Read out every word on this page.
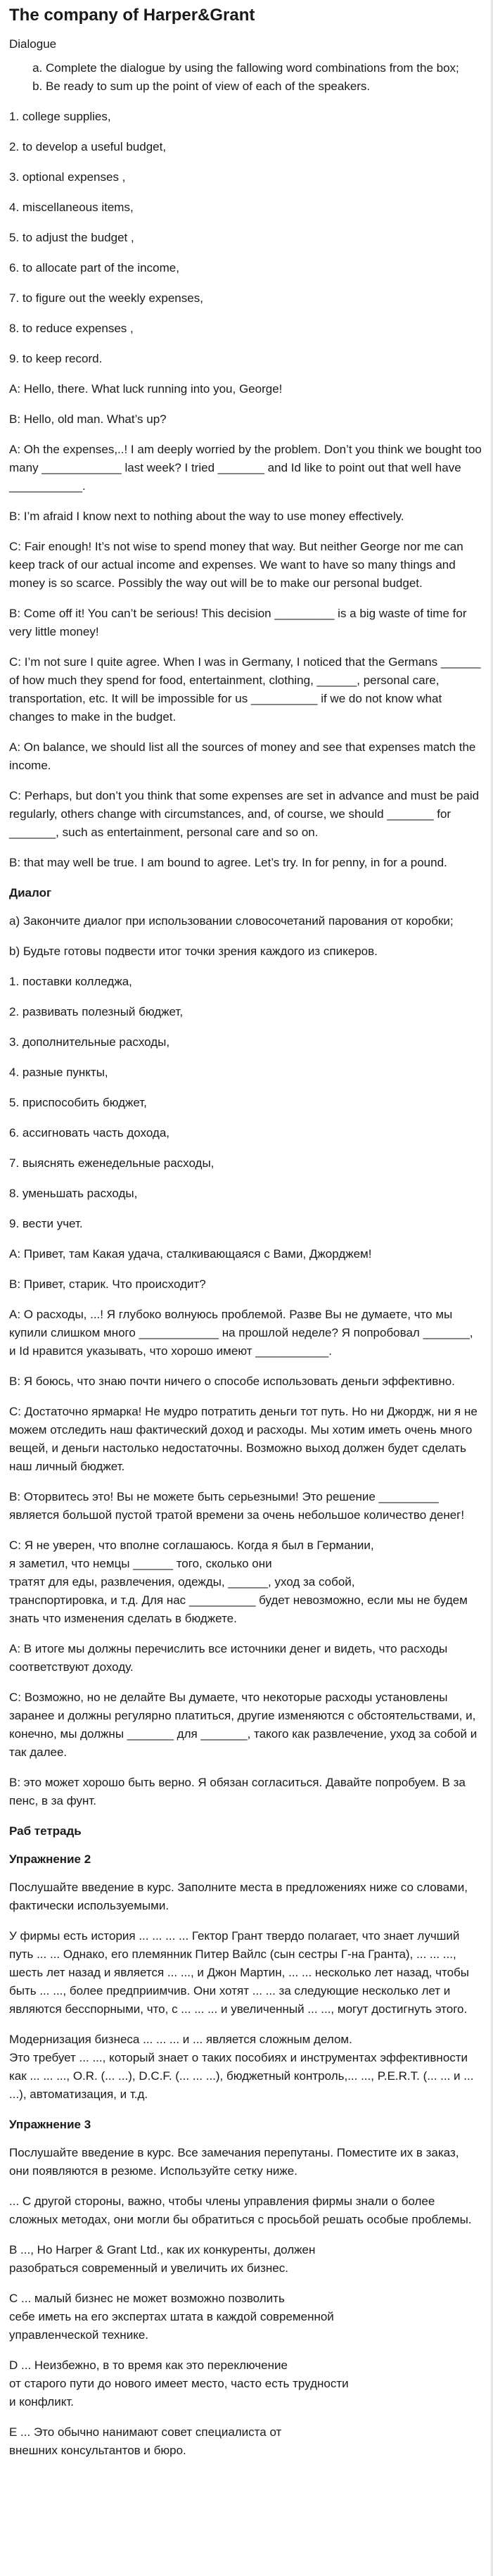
The company of Harper&Grant

Dialogue

a. Complete the dialogue by using the fallowing word combinations from the box;
b. Be ready to sum up the point of view of each of the speakers.

1. college supplies,

2. to develop a useful budget,

3. optional expenses ,

4. miscellaneous items,

5. to adjust the budget ,

6. to allocate part of the income,

7. to figure out the weekly expenses,

8. to reduce expenses ,

9. to keep record.

A: Hello, there. What luck running into you, George!

B: Hello, old man. What’s up?

A: Oh the expenses,..! I am deeply worried by the problem. Don’t you think we bought too many ____________ last week? I tried _______ and Id like to point out that well have ___________.

B: I’m afraid I know next to nothing about the way to use money effectively.

C: Fair enough! It’s not wise to spend money that way. But neither George nor me can keep track of our actual income and expenses. We want to have so many things and money is so scarce. Possibly the way out will be to make our personal budget.

B: Come off it! You can’t be serious! This decision _________ is a big waste of time for very little money!

C: I’m not sure I quite agree. When I was in Germany, I noticed that the Germans ______ of how much they spend for food, entertainment, clothing, ______, personal care, transportation, etc. It will be impossible for us __________ if we do not know what changes to make in the budget.

A: On balance, we should list all the sources of money and see that expenses match the income.

C: Perhaps, but don’t you think that some expenses are set in advance and must be paid regularly, others change with circumstances, and, of course, we should _______ for _______, such as entertainment, personal care and so on.

B: that may well be true. I am bound to agree. Let’s try. In for penny, in for a pound.

Диалог

а) Закончите диалог при использовании словосочетаний парования от коробки;

b) Будьте готовы подвести итог точки зрения каждого из спикеров.

1. поставки колледжа,

2. развивать полезный бюджет,

3. дополнительные расходы,

4. разные пункты,

5. приспособить бюджет,

6. ассигновать часть дохода,

7. выяснять еженедельные расходы,

8. уменьшать расходы,

9. вести учет.

A: Привет, там Какая удача, сталкивающаяся с Вами, Джорджем!

B: Привет, старик. Что происходит?

A: О расходы, ...! Я глубоко волнуюсь проблемой. Разве Вы не думаете, что мы купили слишком много ____________ на прошлой неделе? Я попробовал _______, и Id нравится указывать, что хорошо имеют ___________.

B: Я боюсь, что знаю почти ничего о способе использовать деньги эффективно.

C: Достаточно ярмарка! Не мудро потратить деньги тот путь. Но ни Джордж, ни я не можем отследить наш фактический доход и расходы. Мы хотим иметь очень много вещей, и деньги настолько недостаточны. Возможно выход должен будет сделать наш личный бюджет.

B: Оторвитесь это! Вы не можете быть серьезными! Это решение _________ является большой пустой тратой времени за очень небольшое количество денег!

C: Я не уверен, что вполне соглашаюсь. Когда я был в Германии,
я заметил, что немцы ______ того, сколько они
тратят для еды, развлечения, одежды, ______, уход за собой,
транспортировка, и т.д. Для нас __________ будет невозможно, если мы не будем знать что изменения сделать в бюджете.

A: В итоге мы должны перечислить все источники денег и видеть, что расходы соответствуют доходу.

C: Возможно, но не делайте Вы думаете, что некоторые расходы установлены заранее и должны регулярно платиться, другие изменяются с обстоятельствами, и, конечно, мы должны _______ для _______, такого как развлечение, уход за собой и так далее.

B: это может хорошо быть верно. Я обязан согласиться. Давайте попробуем. В за пенс, в за фунт.

Раб тетрадь

Упражнение 2

Послушайте введение в курс. Заполните места в предложениях ниже со словами, фактически используемыми.

У фирмы есть история ... ... ... ... Гектор Грант твердо полагает, что знает лучший путь ... ... Однако, его племянник Питер Вайлс (сын сестры Г-на Гранта), ... ... ..., шесть лет назад и является ... ..., и Джон Мартин, ... ... несколько лет назад, чтобы быть ... ..., более предприимчив. Они хотят ... ... за следующие несколько лет и являются бесспорными, что, с ... ... ... и увеличенный ... ..., могут достигнуть этого.

Модернизация бизнеса ... ... ... и ... является сложным делом.
Это требует ... ..., который знает о таких пособиях и инструментах эффективности как ... ... ..., O.R. (... ...), D.C.F. (... ... ...), бюджетный контроль,... ..., P.E.R.T. (... ... и ... ...), автоматизация, и т.д.

Упражнение 3

Послушайте введение в курс. Все замечания перепутаны. Поместите их в заказ, они появляются в резюме. Используйте сетку ниже.

... С другой стороны, важно, чтобы члены управления фирмы знали о более сложных методах, они могли бы обратиться с просьбой решать особые проблемы.

B ..., Но Harper & Grant Ltd., как их конкуренты, должен
разобраться современный и увеличить их бизнес.

C ... малый бизнес не может возможно позволить
себе иметь на его экспертах штата в каждой современной
управленческой технике.

D ... Неизбежно, в то время как это переключение
от старого пути до нового имеет место, часто есть трудности
и конфликт.

E ... Это обычно нанимают совет специалиста от
внешних консультантов и бюро.
